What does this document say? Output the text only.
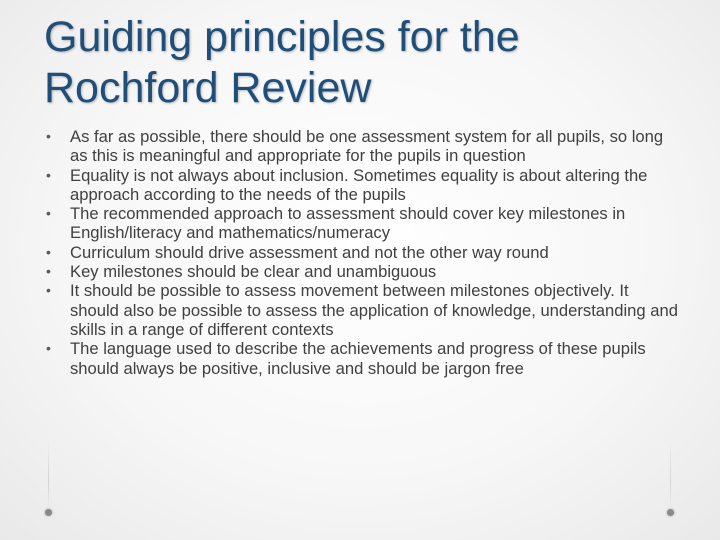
Guiding principles for the Rochford Review
• As far as possible, there should be one assessment system for all pupils, so long as this is meaningful and appropriate for the pupils in question
• Equality is not always about inclusion. Sometimes equality is about altering the approach according to the needs of the pupils
• The recommended approach to assessment should cover key milestones in English/literacy and mathematics/numeracy
• Curriculum should drive assessment and not the other way round
• Key milestones should be clear and unambiguous
• It should be possible to assess movement between milestones objectively. It should also be possible to assess the application of knowledge, understanding and skills in a range of different contexts
• The language used to describe the achievements and progress of these pupils should always be positive, inclusive and should be jargon free
